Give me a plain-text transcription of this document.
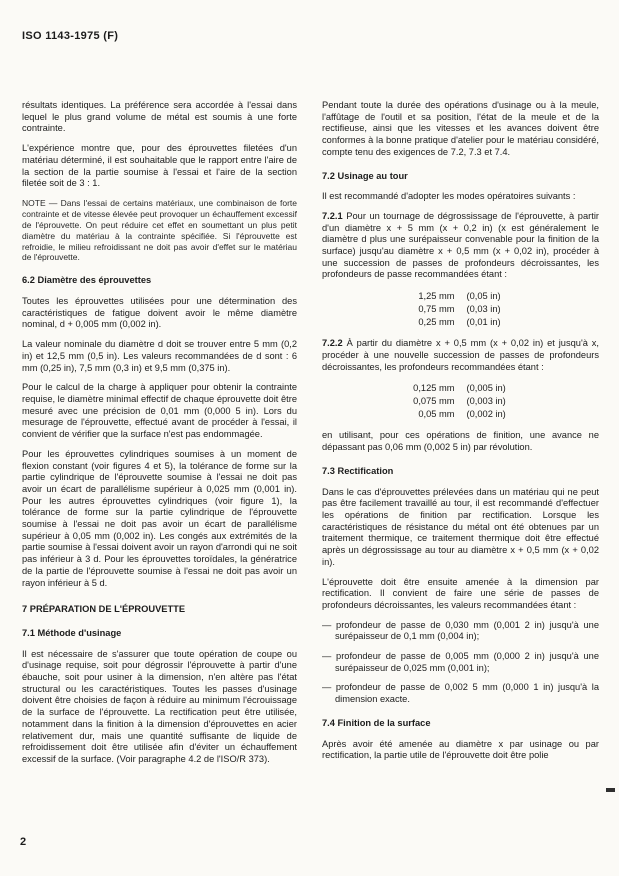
ISO 1143-1975 (F)
résultats identiques. La préférence sera accordée à l'essai dans lequel le plus grand volume de métal est soumis à une forte contrainte.
L'expérience montre que, pour des éprouvettes filetées d'un matériau déterminé, il est souhaitable que le rapport entre l'aire de la section de la partie soumise à l'essai et l'aire de la section filetée soit de 3 : 1.
NOTE — Dans l'essai de certains matériaux, une combinaison de forte contrainte et de vitesse élevée peut provoquer un échauffement excessif de l'éprouvette. On peut réduire cet effet en soumettant un plus petit diamètre du matériau à la contrainte spécifiée. Si l'éprouvette est refroidie, le milieu refroidissant ne doit pas avoir d'effet sur le matériau de l'éprouvette.
6.2 Diamètre des éprouvettes
Toutes les éprouvettes utilisées pour une détermination des caractéristiques de fatigue doivent avoir le même diamètre nominal, d + 0,005 mm (0,002 in).
La valeur nominale du diamètre d doit se trouver entre 5 mm (0,2 in) et 12,5 mm (0,5 in). Les valeurs recommandées de d sont : 6 mm (0,25 in), 7,5 mm (0,3 in) et 9,5 mm (0,375 in).
Pour le calcul de la charge à appliquer pour obtenir la contrainte requise, le diamètre minimal effectif de chaque éprouvette doit être mesuré avec une précision de 0,01 mm (0,000 5 in). Lors du mesurage de l'éprouvette, effectué avant de procéder à l'essai, il convient de vérifier que la surface n'est pas endommagée.
Pour les éprouvettes cylindriques soumises à un moment de flexion constant (voir figures 4 et 5), la tolérance de forme sur la partie cylindrique de l'éprouvette soumise à l'essai ne doit pas avoir un écart de parallélisme supérieur à 0,025 mm (0,001 in). Pour les autres éprouvettes cylindriques (voir figure 1), la tolérance de forme sur la partie cylindrique de l'éprouvette soumise à l'essai ne doit pas avoir un écart de parallélisme supérieur à 0,05 mm (0,002 in). Les congés aux extrémités de la partie soumise à l'essai doivent avoir un rayon d'arrondi qui ne soit pas inférieur à 3 d. Pour les éprouvettes toroïdales, la génératrice de la partie de l'éprouvette soumise à l'essai ne doit pas avoir un rayon inférieur à 5 d.
7 PRÉPARATION DE L'ÉPROUVETTE
7.1 Méthode d'usinage
Il est nécessaire de s'assurer que toute opération de coupe ou d'usinage requise, soit pour dégrossir l'éprouvette à partir d'une ébauche, soit pour usiner à la dimension, n'en altère pas l'état structural ou les caractéristiques. Toutes les passes d'usinage doivent être choisies de façon à réduire au minimum l'écrouissage de la surface de l'éprouvette. La rectification peut être utilisée, notamment dans la finition à la dimension d'éprouvettes en acier relativement dur, mais une quantité suffisante de liquide de refroidissement doit être utilisée afin d'éviter un échauffement excessif de la surface. (Voir paragraphe 4.2 de l'ISO/R 373).
Pendant toute la durée des opérations d'usinage ou à la meule, l'affûtage de l'outil et sa position, l'état de la meule et de la rectifieuse, ainsi que les vitesses et les avances doivent être conformes à la bonne pratique d'atelier pour le matériau considéré, compte tenu des exigences de 7.2, 7.3 et 7.4.
7.2 Usinage au tour
Il est recommandé d'adopter les modes opératoires suivants :
7.2.1 Pour un tournage de dégrossissage de l'éprouvette, à partir d'un diamètre x + 5 mm (x + 0,2 in) (x est généralement le diamètre d plus une surépaisseur convenable pour la finition de la surface) jusqu'au diamètre x + 0,5 mm (x + 0,02 in), procéder à une succession de passes de profondeurs décroissantes, les profondeurs de passe recommandées étant :
1,25 mm (0,05 in)
0,75 mm (0,03 in)
0,25 mm (0,01 in)
7.2.2 À partir du diamètre x + 0,5 mm (x + 0,02 in) et jusqu'à x, procéder à une nouvelle succession de passes de profondeurs décroissantes, les profondeurs recommandées étant :
0,125 mm (0,005 in)
0,075 mm (0,003 in)
0,05 mm (0,002 in)
en utilisant, pour ces opérations de finition, une avance ne dépassant pas 0,06 mm (0,002 5 in) par révolution.
7.3 Rectification
Dans le cas d'éprouvettes prélevées dans un matériau qui ne peut pas être facilement travaillé au tour, il est recommandé d'effectuer les opérations de finition par rectification. Lorsque les caractéristiques de résistance du métal ont été obtenues par un traitement thermique, ce traitement thermique doit être effectué après un dégrossissage au tour au diamètre x + 0,5 mm (x + 0,02 in).
L'éprouvette doit être ensuite amenée à la dimension par rectification. Il convient de faire une série de passes de profondeurs décroissantes, les valeurs recommandées étant :
— profondeur de passe de 0,030 mm (0,001 2 in) jusqu'à une surépaisseur de 0,1 mm (0,004 in);
— profondeur de passe de 0,005 mm (0,000 2 in) jusqu'à une surépaisseur de 0,025 mm (0,001 in);
— profondeur de passe de 0,002 5 mm (0,000 1 in) jusqu'à la dimension exacte.
7.4 Finition de la surface
Après avoir été amenée au diamètre x par usinage ou par rectification, la partie utile de l'éprouvette doit être polie
2
